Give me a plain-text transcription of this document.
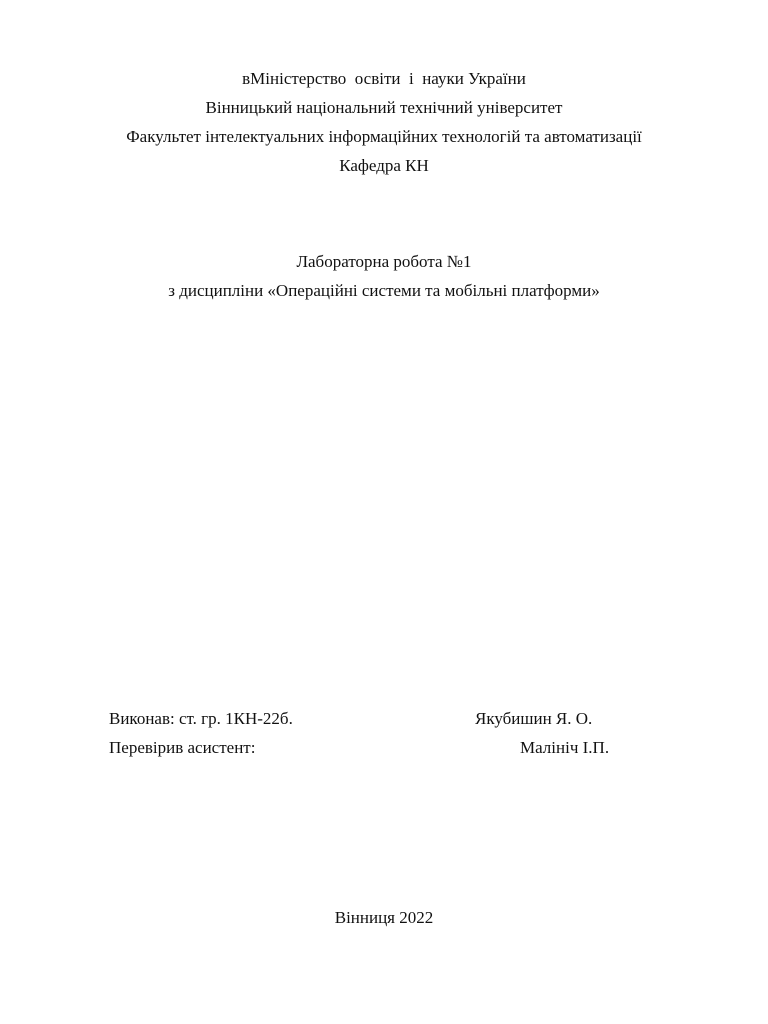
вМіністерство  освіти  і  науки України
Вінницький національний технічний університет
Факультет інтелектуальних інформаційних технологій та автоматизації
Кафедра КН
Лабораторна робота №1
з дисципліни «Операційні системи та мобільні платформи»
Виконав: ст. гр. 1КН-22б.	Якубишин Я. О.
Перевірив асистент:	Малініч І.П.
Вінниця 2022
